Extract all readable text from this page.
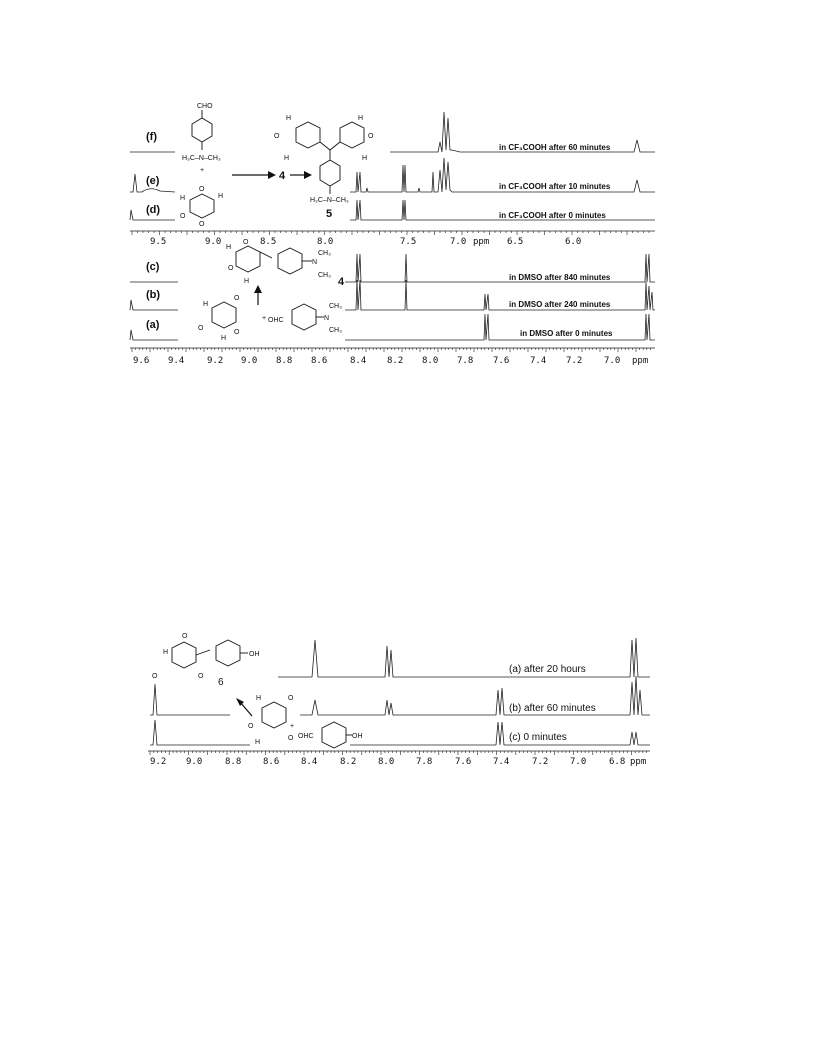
(f)
(e)
(d)
in CF₃COOH after 60 minutes
in CF₃COOH after 10 minutes
in CF₃COOH after 0 minutes
9.5	9.0	8.5	8.0	7.5	7.0 ppm 6.5	6.0
CHO
H₃C–N–CH₃
+
O
O
H	H
O
4
H₃C–N–CH₃
H	H
O	O
H	H
5
(c)
(b)
(a)
in DMSO after 840 minutes
in DMSO after 240 minutes
in DMSO after 0 minutes
9.6 9.4	9.2 9.0 8.8 8.6	8.4 8.2 8.0 7.8 7.6 7.4 7.2 7.0 ppm
N
CH₃
CH₃
H
O
O
H	4
H
O
O
O
H
+ OHC	N
CH₃
CH₃
(a) after 20 hours
(b) after 60 minutes
(c) 0 minutes
9.2 9.0	8.8 8.6 8.4	8.2 8.0 7.8	7.6 7.4	7.2 7.0	6.8 ppm
OH
O
H
O	O
6
H	O
O
O
H
+
OHC	OH
